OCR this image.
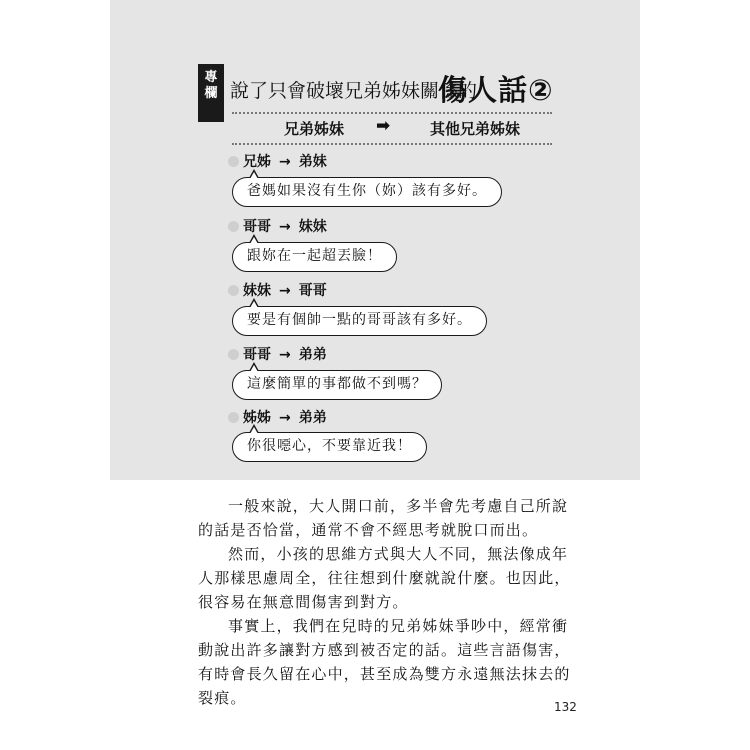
專
欄 說了只會破壞兄弟姊妹關係的
傷人話②
兄弟姊妹 ➡	其他兄弟姊妹
兄姊 → 弟妹
爸媽如果沒有生你（妳）該有多好。
哥哥 → 妹妹
跟妳在一起超丟臉！
妹妹 → 哥哥
要是有個帥一點的哥哥該有多好。
哥哥 → 弟弟
這麼簡單的事都做不到嗎？
姊姊 → 弟弟
你很噁心，不要靠近我！

一般來說，大人開口前，多半會先考慮自己所說的話是否恰當，通常不會不經思考就脫口而出。

然而，小孩的思維方式與大人不同，無法像成年人那樣思慮周全，往往想到什麼就說什麼。也因此，很容易在無意間傷害到對方。

事實上，我們在兒時的兄弟姊妹爭吵中，經常衝動說出許多讓對方感到被否定的話。這些言語傷害，有時會長久留在心中，甚至成為雙方永遠無法抹去的裂痕。	132
